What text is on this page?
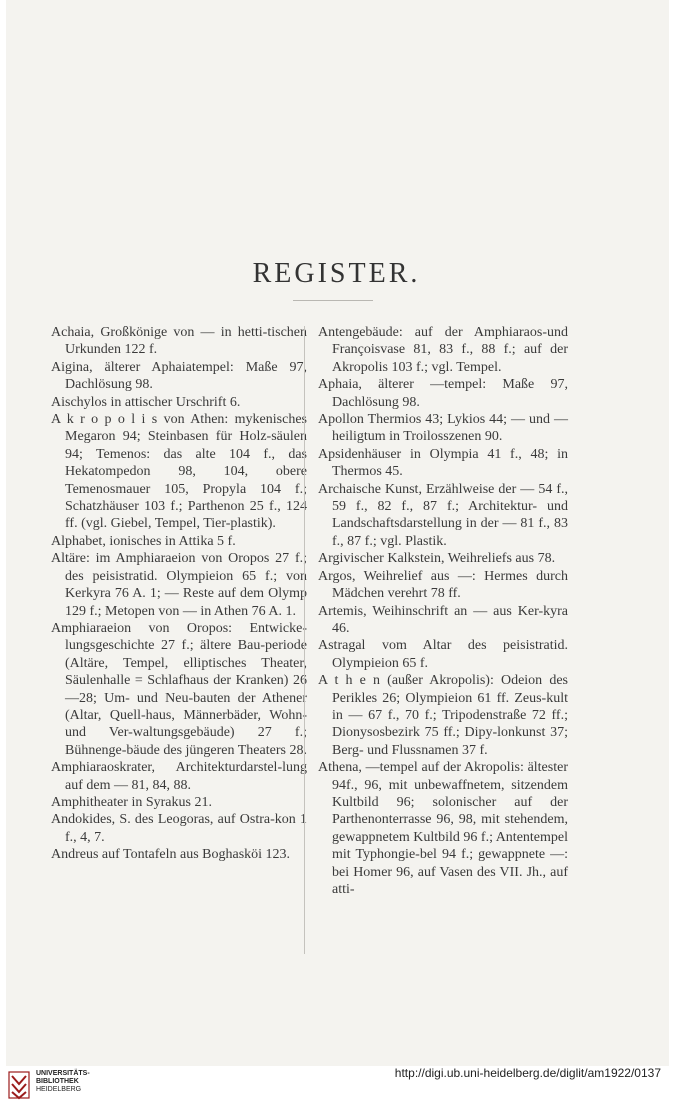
REGISTER.

Achaia, Großkönige von — in hetti-tischen Urkunden 122 f.

Aigina, älterer Aphaiatempel: Maße 97, Dachlösung 98.

Aischylos in attischer Urschrift 6.

A k r o p o l i s von Athen: mykenisches Megaron 94; Steinbasen für Holz-säulen 94; Temenos: das alte 104 f., das Hekatompedon 98, 104, obere Temenosmauer 105, Propyla 104 f.; Schatzhäuser 103 f.; Parthenon 25 f., 124 ff. (vgl. Giebel, Tempel, Tier-plastik).

Alphabet, ionisches in Attika 5 f.

Altäre: im Amphiaraeion von Oropos 27 f.; des peisistratid. Olympieion 65 f.; von Kerkyra 76 A. 1; — Reste auf dem Olymp 129 f.; Metopen von — in Athen 76 A. 1.

Amphiaraeion von Oropos: Entwicke-lungsgeschichte 27 f.; ältere Bau-periode (Altäre, Tempel, elliptisches Theater, Säulenhalle = Schlafhaus der Kranken) 26—28; Um- und Neu-bauten der Athener (Altar, Quell-haus, Männerbäder, Wohn- und Ver-waltungsgebäude) 27 f.; Bühnenge-bäude des jüngeren Theaters 28.

Amphiaraoskrater, Architekturdarstel-lung auf dem — 81, 84, 88.

Amphitheater in Syrakus 21.

Andokides, S. des Leogoras, auf Ostra-kon 1 f., 4, 7.

Andreus auf Tontafeln aus Boghasköi 123.

Antengebäude: auf der Amphiaraos-und Françoisvase 81, 83 f., 88 f.; auf der Akropolis 103 f.; vgl. Tempel.

Aphaia, älterer —tempel: Maße 97, Dachlösung 98.

Apollon Thermios 43; Lykios 44; — und —heiligtum in Troilosszenen 90.

Apsidenhäuser in Olympia 41 f., 48; in Thermos 45.

Archaische Kunst, Erzählweise der — 54 f., 59 f., 82 f., 87 f.; Architektur- und Landschaftsdarstellung in der — 81 f., 83 f., 87 f.; vgl. Plastik.

Argivischer Kalkstein, Weihreliefs aus 78.

Argos, Weihrelief aus —: Hermes durch Mädchen verehrt 78 ff.

Artemis, Weihinschrift an — aus Ker-kyra 46.

Astragal vom Altar des peisistratid. Olympieion 65 f.

A t h e n (außer Akropolis): Odeion des Perikles 26; Olympieion 61 ff. Zeus-kult in — 67 f., 70 f.; Tripodenstraße 72 ff.; Dionysosbezirk 75 ff.; Dipy-lonkunst 37; Berg- und Flussnamen 37 f.

Athena, —tempel auf der Akropolis: ältester 94f., 96, mit unbewaffnetem, sitzendem Kultbild 96; solonischer auf der Parthenonterrasse 96, 98, mit stehendem, gewappnetem Kultbild 96 f.; Antentempel mit Typhongie-bel 94 f.; gewappnete —: bei Homer 96, auf Vasen des VII. Jh., auf atti-

UNIVERSITÄTS-
BIBLIOTHEK
HEIDELBERG
http://digi.ub.uni-heidelberg.de/diglit/am1922/0137
